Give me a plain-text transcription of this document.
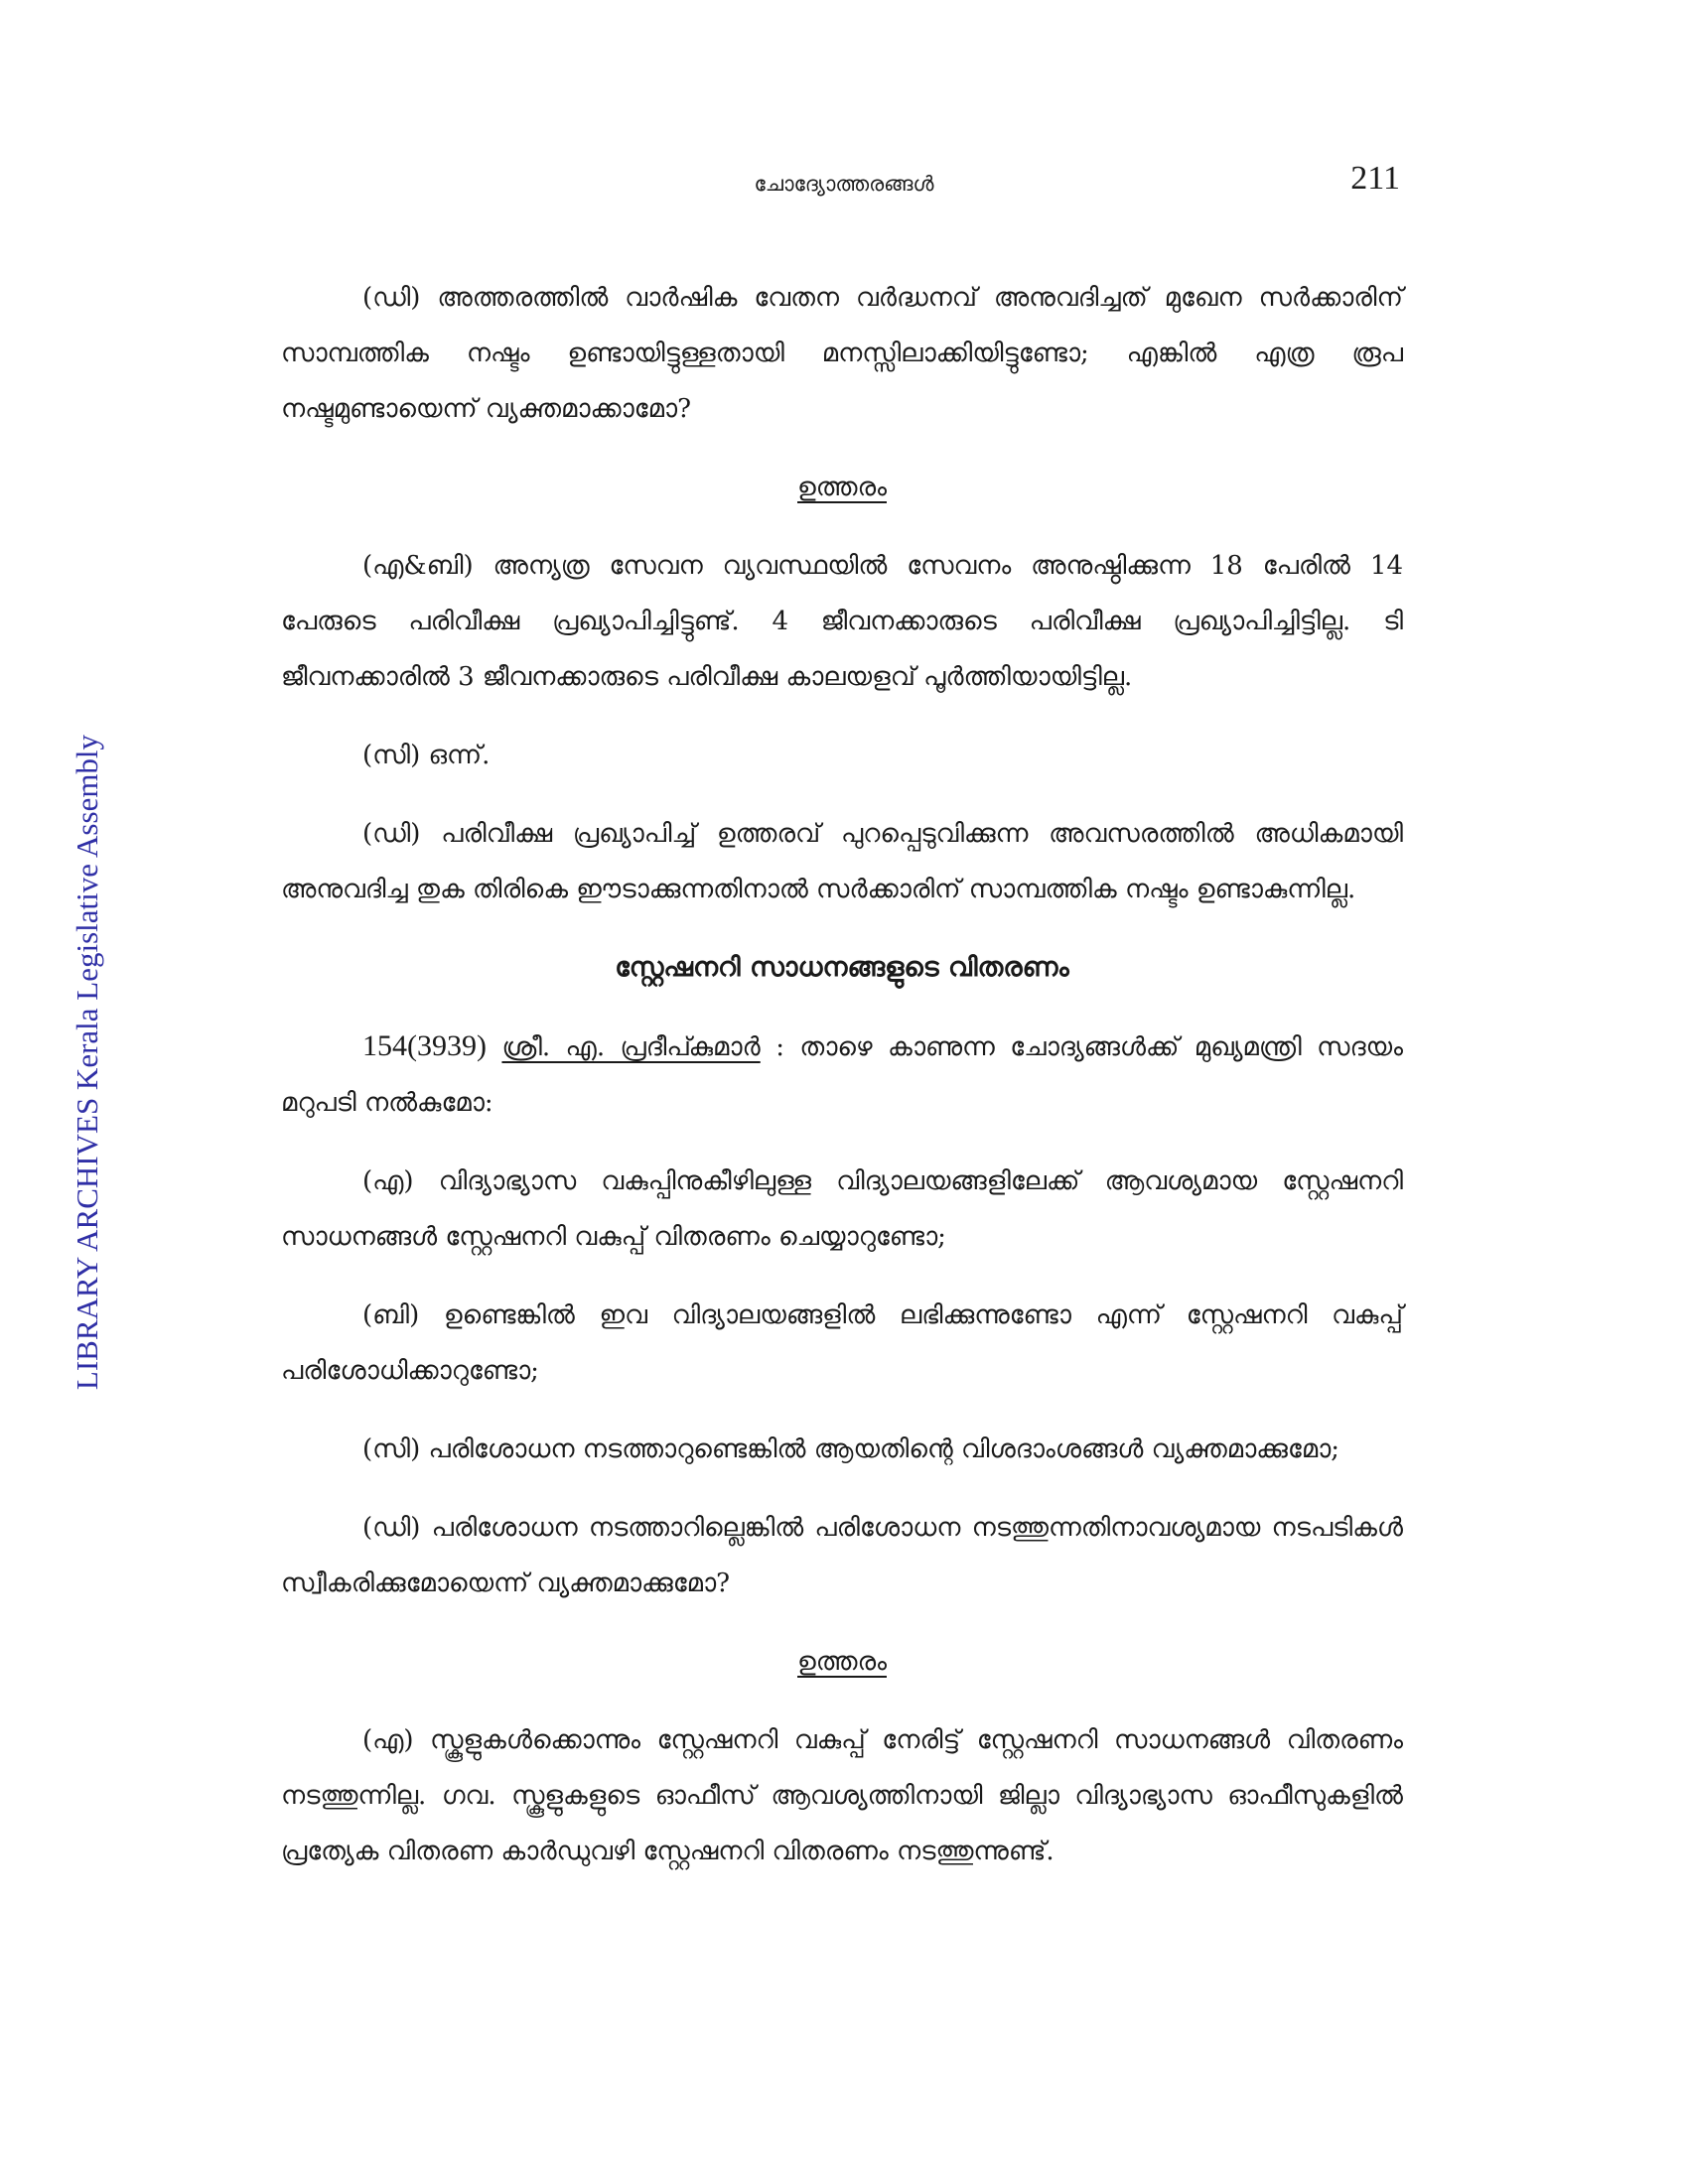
LIBRARY ARCHIVES Kerala Legislative Assembly
ചോദ്യോത്തരങ്ങൾ	211

(ഡി) അത്തരത്തിൽ വാർഷിക വേതന വർദ്ധനവ് അനുവദിച്ചത് മുഖേന സർക്കാരിന് സാമ്പത്തിക നഷ്ടം ഉണ്ടായിട്ടുള്ളതായി മനസ്സിലാക്കിയിട്ടുണ്ടോ; എങ്കിൽ എത്ര രൂപ നഷ്ടമുണ്ടായെന്ന് വ്യക്തമാക്കാമോ?

ഉത്തരം

(എ&ബി) അന്യത്ര സേവന വ്യവസ്ഥയിൽ സേവനം അനുഷ്ഠിക്കുന്ന 18 പേരിൽ 14 പേരുടെ പരിവീക്ഷ പ്രഖ്യാപിച്ചിട്ടുണ്ട്. 4 ജീവനക്കാരുടെ പരിവീക്ഷ പ്രഖ്യാപിച്ചിട്ടില്ല. ടി ജീവനക്കാരിൽ 3 ജീവനക്കാരുടെ പരിവീക്ഷ കാലയളവ് പൂർത്തിയായിട്ടില്ല.

(സി) ഒന്ന്.

(ഡി) പരിവീക്ഷ പ്രഖ്യാപിച്ച് ഉത്തരവ് പുറപ്പെടുവിക്കുന്ന അവസരത്തിൽ അധികമായി അനുവദിച്ച തുക തിരികെ ഈടാക്കുന്നതിനാൽ സർക്കാരിന് സാമ്പത്തിക നഷ്ടം ഉണ്ടാകുന്നില്ല.

സ്റ്റേഷനറി സാധനങ്ങളുടെ വിതരണം

154(3939) ശ്രീ. എ. പ്രദീപ്കുമാർ : താഴെ കാണുന്ന ചോദ്യങ്ങൾക്ക് മുഖ്യമന്ത്രി സദയം മറുപടി നൽകുമോ:

(എ) വിദ്യാഭ്യാസ വകുപ്പിനുകീഴിലുള്ള വിദ്യാലയങ്ങളിലേക്ക് ആവശ്യമായ സ്റ്റേഷനറി സാധനങ്ങൾ സ്റ്റേഷനറി വകുപ്പ് വിതരണം ചെയ്യാറുണ്ടോ;

(ബി) ഉണ്ടെങ്കിൽ ഇവ വിദ്യാലയങ്ങളിൽ ലഭിക്കുന്നുണ്ടോ എന്ന് സ്റ്റേഷനറി വകുപ്പ് പരിശോധിക്കാറുണ്ടോ;

(സി) പരിശോധന നടത്താറുണ്ടെങ്കിൽ ആയതിന്റെ വിശദാംശങ്ങൾ വ്യക്തമാക്കുമോ;

(ഡി) പരിശോധന നടത്താറില്ലെങ്കിൽ പരിശോധന നടത്തുന്നതിനാവശ്യമായ നടപടികൾ സ്വീകരിക്കുമോയെന്ന് വ്യക്തമാക്കുമോ?

ഉത്തരം

(എ) സ്കൂളുകൾക്കൊന്നും സ്റ്റേഷനറി വകുപ്പ് നേരിട്ട് സ്റ്റേഷനറി സാധനങ്ങൾ വിതരണം നടത്തുന്നില്ല. ഗവ. സ്കൂളുകളുടെ ഓഫീസ് ആവശ്യത്തിനായി ജില്ലാ വിദ്യാഭ്യാസ ഓഫീസുകളിൽ പ്രത്യേക വിതരണ കാർഡുവഴി സ്റ്റേഷനറി വിതരണം നടത്തുന്നുണ്ട്.
